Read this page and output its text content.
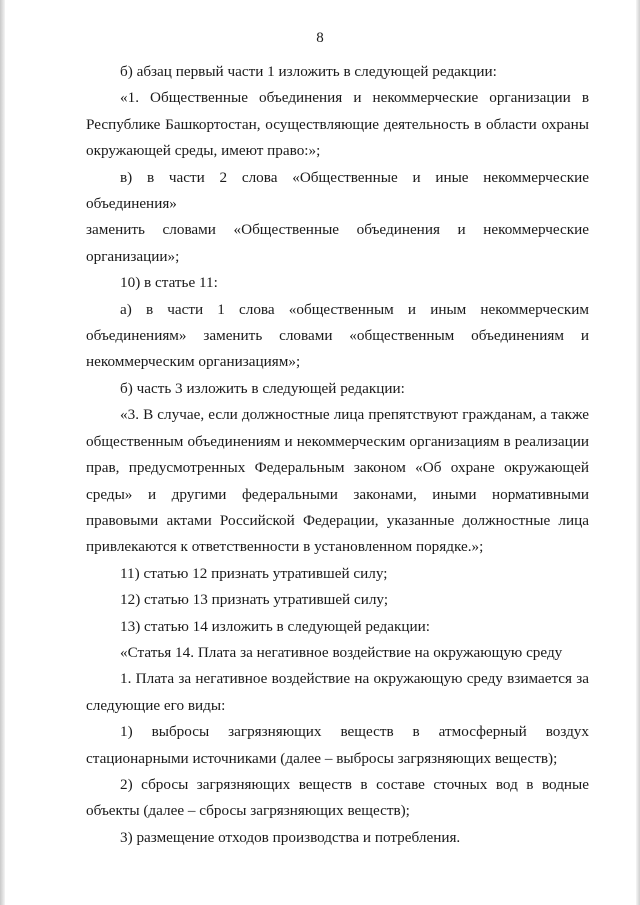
8

б) абзац первый части 1 изложить в следующей редакции:

«1. Общественные объединения и некоммерческие организации в

Республике Башкортостан, осуществляющие деятельность в области охраны

окружающей среды, имеют право:»;

в) в части 2 слова «Общественные и иные некоммерческие объединения»

заменить словами «Общественные объединения и некоммерческие

организации»;

10) в статье 11:

а) в части 1 слова «общественным и иным некоммерческим

объединениям» заменить словами «общественным объединениям и

некоммерческим организациям»;

б) часть 3 изложить в следующей редакции:

«3. В случае, если должностные лица препятствуют гражданам, а также

общественным объединениям и некоммерческим организациям в реализации

прав, предусмотренных Федеральным законом «Об охране окружающей

среды» и другими федеральными законами, иными нормативными

правовыми актами Российской Федерации, указанные должностные лица

привлекаются к ответственности в установленном порядке.»;

11) статью 12 признать утратившей силу;

12) статью 13 признать утратившей силу;

13) статью 14 изложить в следующей редакции:

«Статья 14. Плата за негативное воздействие на окружающую среду

1. Плата за негативное воздействие на окружающую среду взимается за

следующие его виды:

1) выбросы загрязняющих веществ в атмосферный воздух

стационарными источниками (далее – выбросы загрязняющих веществ);

2) сбросы загрязняющих веществ в составе сточных вод в водные

объекты (далее – сбросы загрязняющих веществ);

3) размещение отходов производства и потребления.
